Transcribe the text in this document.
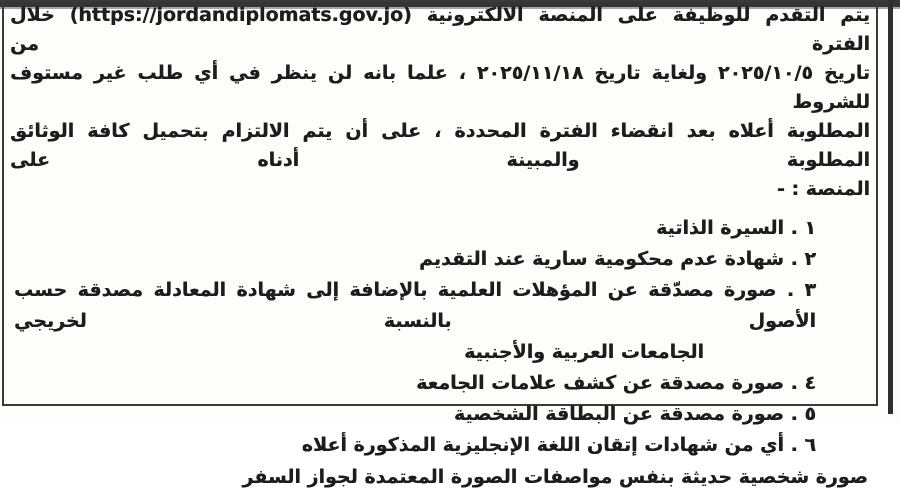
يتم التقدم للوظيفة على المنصة الالكترونية (https://jordandiplomats.gov.jo) خلال الفترة من
تاريخ ٢٠٢٥/١٠/٥ ولغاية تاريخ ٢٠٢٥/١١/١٨ ، علما بانه لن ينظر في أي طلب غير مستوف للشروط
المطلوبة أعلاه بعد انقضاء الفترة المحددة ، على أن يتم الالتزام بتحميل كافة الوثائق المطلوبة والمبينة أدناه على
المنصة : -
١ . السيرة الذاتية
٢ . شهادة عدم محكومية سارية عند التقديم
٣ . صورة مصدّقة عن المؤهلات العلمية بالإضافة إلى شهادة المعادلة مصدقة حسب الأصول بالنسبة لخريجي
الجامعات العربية والأجنبية
٤ . صورة مصدقة عن كشف علامات الجامعة
٥ . صورة مصدقة عن البطاقة الشخصية
٦ . أي من شهادات إتقان اللغة الإنجليزية المذكورة أعلاه
صورة شخصية حديثة بنفس مواصفات الصورة المعتمدة لجواز السفر
